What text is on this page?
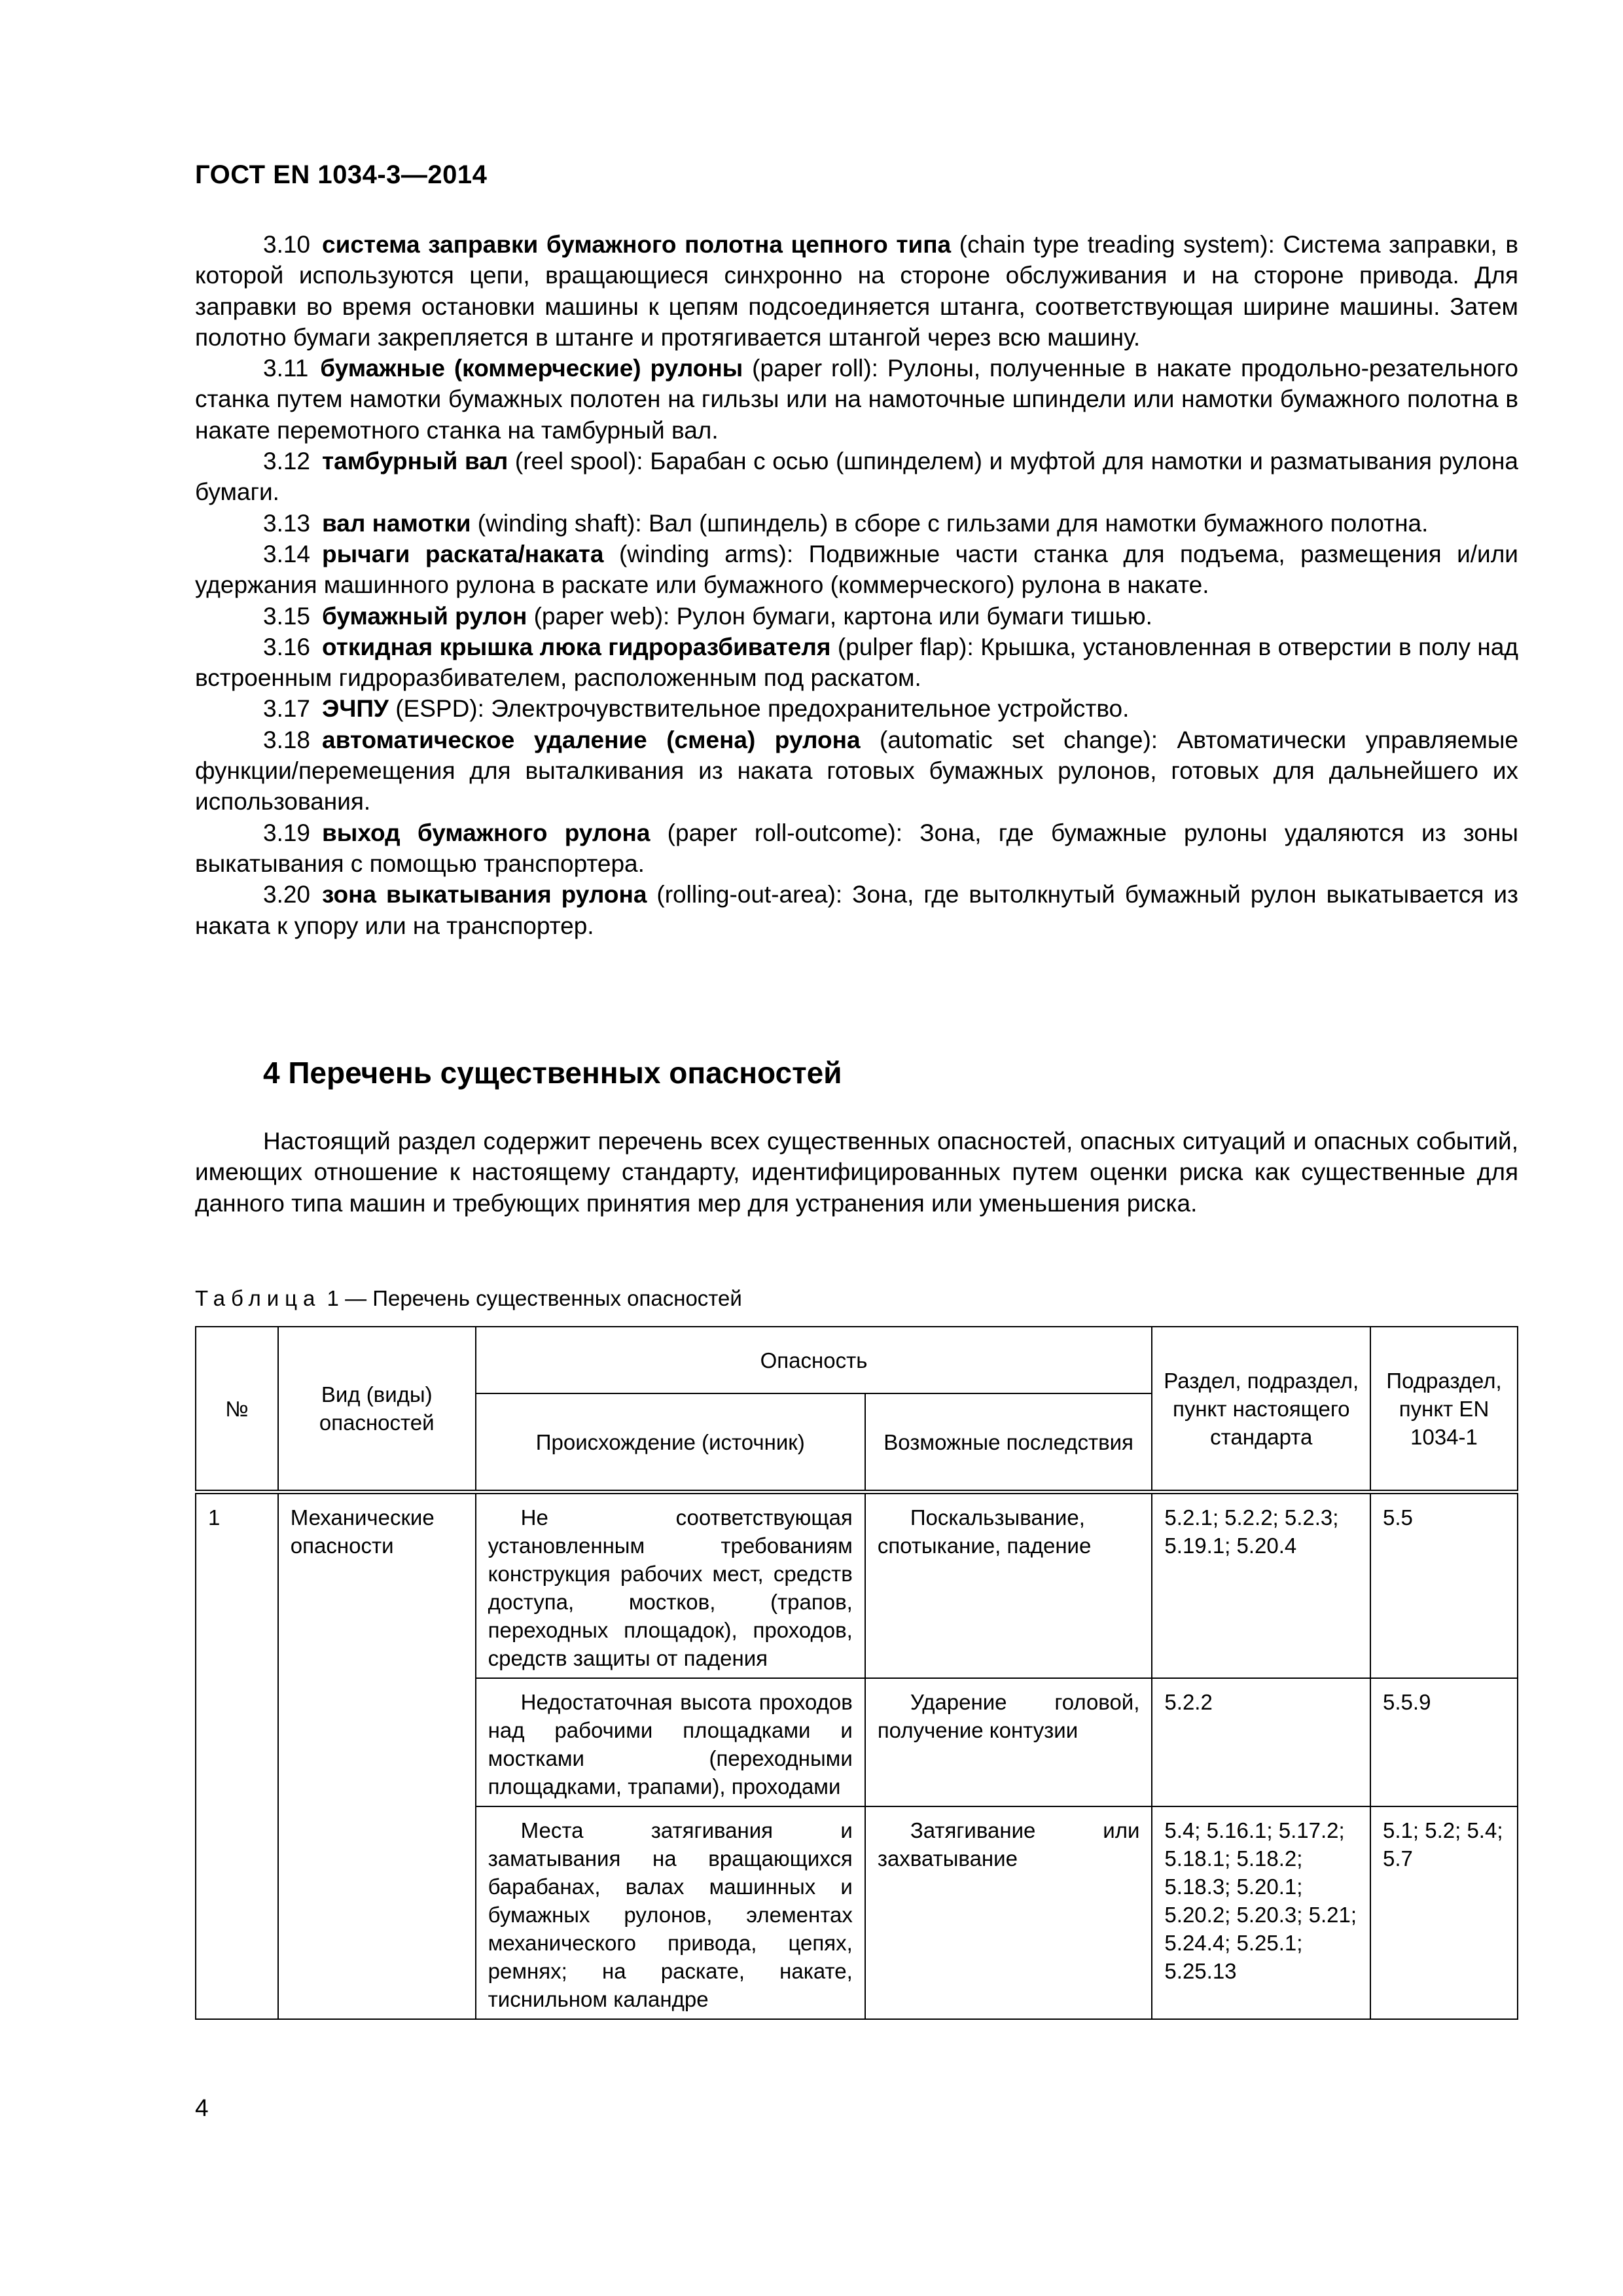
ГОСТ EN 1034-3—2014

3.10 система заправки бумажного полотна цепного типа (chain type treading system): Система заправки, в которой используются цепи, вращающиеся синхронно на стороне обслуживания и на стороне привода. Для заправки во время остановки машины к цепям подсоединяется штанга, соответствующая ширине машины. Затем полотно бумаги закрепляется в штанге и протягивается штангой через всю машину.

3.11 бумажные (коммерческие) рулоны (paper roll): Рулоны, полученные в накате продольно-резательного станка путем намотки бумажных полотен на гильзы или на намоточные шпиндели или намотки бумажного полотна в накате перемотного станка на тамбурный вал.

3.12 тамбурный вал (reel spool): Барабан с осью (шпинделем) и муфтой для намотки и разматывания рулона бумаги.

3.13 вал намотки (winding shaft): Вал (шпиндель) в сборе с гильзами для намотки бумажного полотна.

3.14 рычаги раската/наката (winding arms): Подвижные части станка для подъема, размещения и/или удержания машинного рулона в раскате или бумажного (коммерческого) рулона в накате.

3.15 бумажный рулон (paper web): Рулон бумаги, картона или бумаги тишью.

3.16 откидная крышка люка гидроразбивателя (pulper flap): Крышка, установленная в отверстии в полу над встроенным гидроразбивателем, расположенным под раскатом.

3.17 ЭЧПУ (ESPD): Электрочувствительное предохранительное устройство.

3.18 автоматическое удаление (смена) рулона (automatic set change): Автоматически управляемые функции/перемещения для выталкивания из наката готовых бумажных рулонов, готовых для дальнейшего их использования.

3.19 выход бумажного рулона (paper roll-outcome): Зона, где бумажные рулоны удаляются из зоны выкатывания с помощью транспортера.

3.20 зона выкатывания рулона (rolling-out-area): Зона, где вытолкнутый бумажный рулон выкатывается из наката к упору или на транспортер.

4 Перечень существенных опасностей

Настоящий раздел содержит перечень всех существенных опасностей, опасных ситуаций и опасных событий, имеющих отношение к настоящему стандарту, идентифицированных путем оценки риска как существенные для данного типа машин и требующих принятия мер для устранения или уменьшения риска.

Таблица 1 — Перечень существенных опасностей
№	Вид (виды) опасностей	Опасность		Раздел, подраздел, пункт настоящего стандарта	Подраздел, пункт EN 1034-1
		Происхождение (источник)	Возможные последствия		
1	Механические опасности	Не соответствующая установленным требованиям конструкция рабочих мест, средств доступа, мостков, (трапов, переходных площадок), проходов, средств защиты от падения	Поскальзывание, спотыкание, падение	5.2.1; 5.2.2; 5.2.3; 5.19.1; 5.20.4	5.5
		Недостаточная высота проходов над рабочими площадками и мостками (переходными площадками, трапами), проходами	Ударение головой, получение контузии	5.2.2	5.5.9
		Места затягивания и заматывания на вращающихся барабанах, валах машинных и бумажных рулонов, элементах механического привода, цепях, ремнях; на раскате, накате, тиснильном каландре	Затягивание или захватывание	5.4; 5.16.1; 5.17.2; 5.18.1; 5.18.2; 5.18.3; 5.20.1; 5.20.2; 5.20.3; 5.21; 5.24.4; 5.25.1; 5.25.13	5.1; 5.2; 5.4; 5.7
4
